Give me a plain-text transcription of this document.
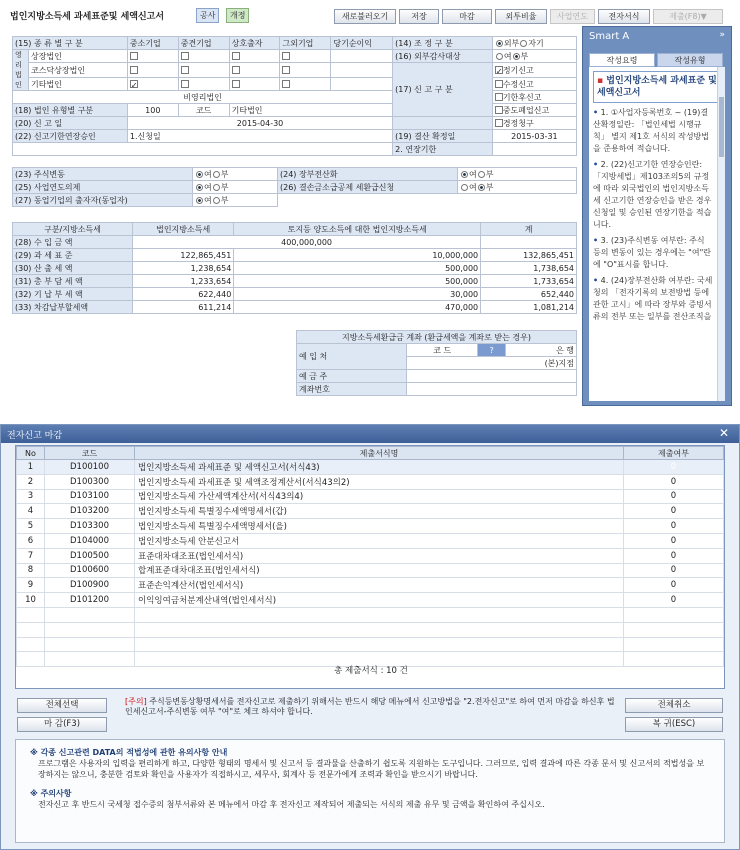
법인지방소득세 과세표준및 세액신고서	공사	개정	새로불러오기	저장	마감	외투비율	사업연도	전자서식	제출(F8)▼
(15) 종 류 별 구 분		중소기업	중견기업	상호출자	그외기업	당기순이익	(14) 조 정 구 분	외부 자기
영리법인	상장법인						(16) 외부감사대상	여 부
	코스닥상장법인						(17) 신 고 구 분	✓정기신고
	기타법인	✓						수정신고
비영리법인								기한후신고
(18) 법인 유형별 구분		100	코드	기타법인				중도폐업신고
(20) 신 고 일		2015-04-30						경정청구
(22) 신고기한연장승인		1.신청일					(19) 결산 확정일	2015-03-31
							2. 연장기한	
(23) 주식변동	여 부	(24) 장부전산화	여 부
(25) 사업연도의제	여 부	(26) 결손금소급공제 세환급신청	여 부
(27) 동업기업의 출자자(동업자)	여 부		
구분/지방소득세	법인지방소득세	토지등 양도소득에 대한 법인지방소득세	계
(28) 수 입 금 액	400,000,000		
(29) 과 세 표 준	122,865,451	10,000,000	132,865,451
(30) 산 출 세 액	1,238,654	500,000	1,738,654
(31) 총 부 담 세 액	1,233,654	500,000	1,733,654
(32) 기 납 부 세 액	622,440	30,000	652,440
(33) 차감납부할세액	611,214	470,000	1,081,214
지방소득세환급금 계좌 (환급세액을 계좌로 받는 경우)			
예 입 처	코 드	?	은 행
	(본)지점		
예 금 주			
계좌번호			
Smart A	»
작성요령	작성유형
▪ 법인지방소득세 과세표준 및 세액신고서
• 1. ①사업자등록번호 ~ (19)결산확정일란: 「법인세법 시행규칙」 별지 제1호 서식의 작성방법을 준용하여 적습니다.
• 2. (22)신고기한 연장승인란: 「지방세법」제103조의5의 규정에 따라 외국법인의 법인지방소득세 신고기한 연장승인을 받은 경우 신청일 및 승인된 연장기한을 적습니다.
• 3. (23)주식변동 여부란: 주식 등의 변동이 있는 경우에는 "여"란에 "O"표시를 합니다.
• 4. (24)장부전산화 여부란: 국세청의 「전자기록의 보전방법 등에 관한 고시」에 따라 장부와 증빙서류의 전부 또는 일부를 전산조직을
전자신고 마감	✕
No	코드	제출서식명	제출여부
1	D100100	법인지방소득세 과세표준 및 세액신고서(서식43)	0
2	D100300	법인지방소득세 과세표준 및 세액조정계산서(서식43의2)	0
3	D103100	법인지방소득세 가산세액계산서(서식43의4)	0
4	D103200	법인지방소득세 특별징수세액명세서(갑)	0
5	D103300	법인지방소득세 특별징수세액명세서(을)	0
6	D104000	법인지방소득세 안분신고서	0
7	D100500	표준대차대조표(법인세서식)	0
8	D100600	합계표준대차대조표(법인세서식)	0
9	D100900	표준손익계산서(법인세서식)	0
10	D101200	이익잉여금처분계산내역(법인세서식)	0

총 제출서식 : 10 건
전체선택
마 감(F3)
전체취소
복 귀(ESC)
[주의] 주식등변동상황명세서를 전자신고로 제출하기 위해서는 반드시 해당 메뉴에서 신고방법을 "2.전자신고"로 하여 먼저 마감을 하신후 법인세신고서-주식변동 여부 "여"로 체크 하셔야 합니다.
※ 각종 신고관련 DATA의 적법성에 관한 유의사항 안내

프로그램은 사용자의 입력을 편리하게 하고, 다양한 형태의 명세서 및 신고서 등 결과물을 산출하기 쉽도록 지원하는 도구입니다. 그러므로, 입력 결과에 따른 각종 문서 및 신고서의 적법성을 보장하지는 않으니, 충분한 검토와 확인을 사용자가 직접하시고, 세무사, 회계사 등 전문가에게 조력과 확인을 받으시기 바랍니다.

※ 주의사항

전자신고 후 반드시 국세청 접수증의 첨부서류와 본 메뉴에서 마감 후 전자신고 제작되어 제출되는 서식의 제출 유무 및 금액을 확인하여 주십시오.
